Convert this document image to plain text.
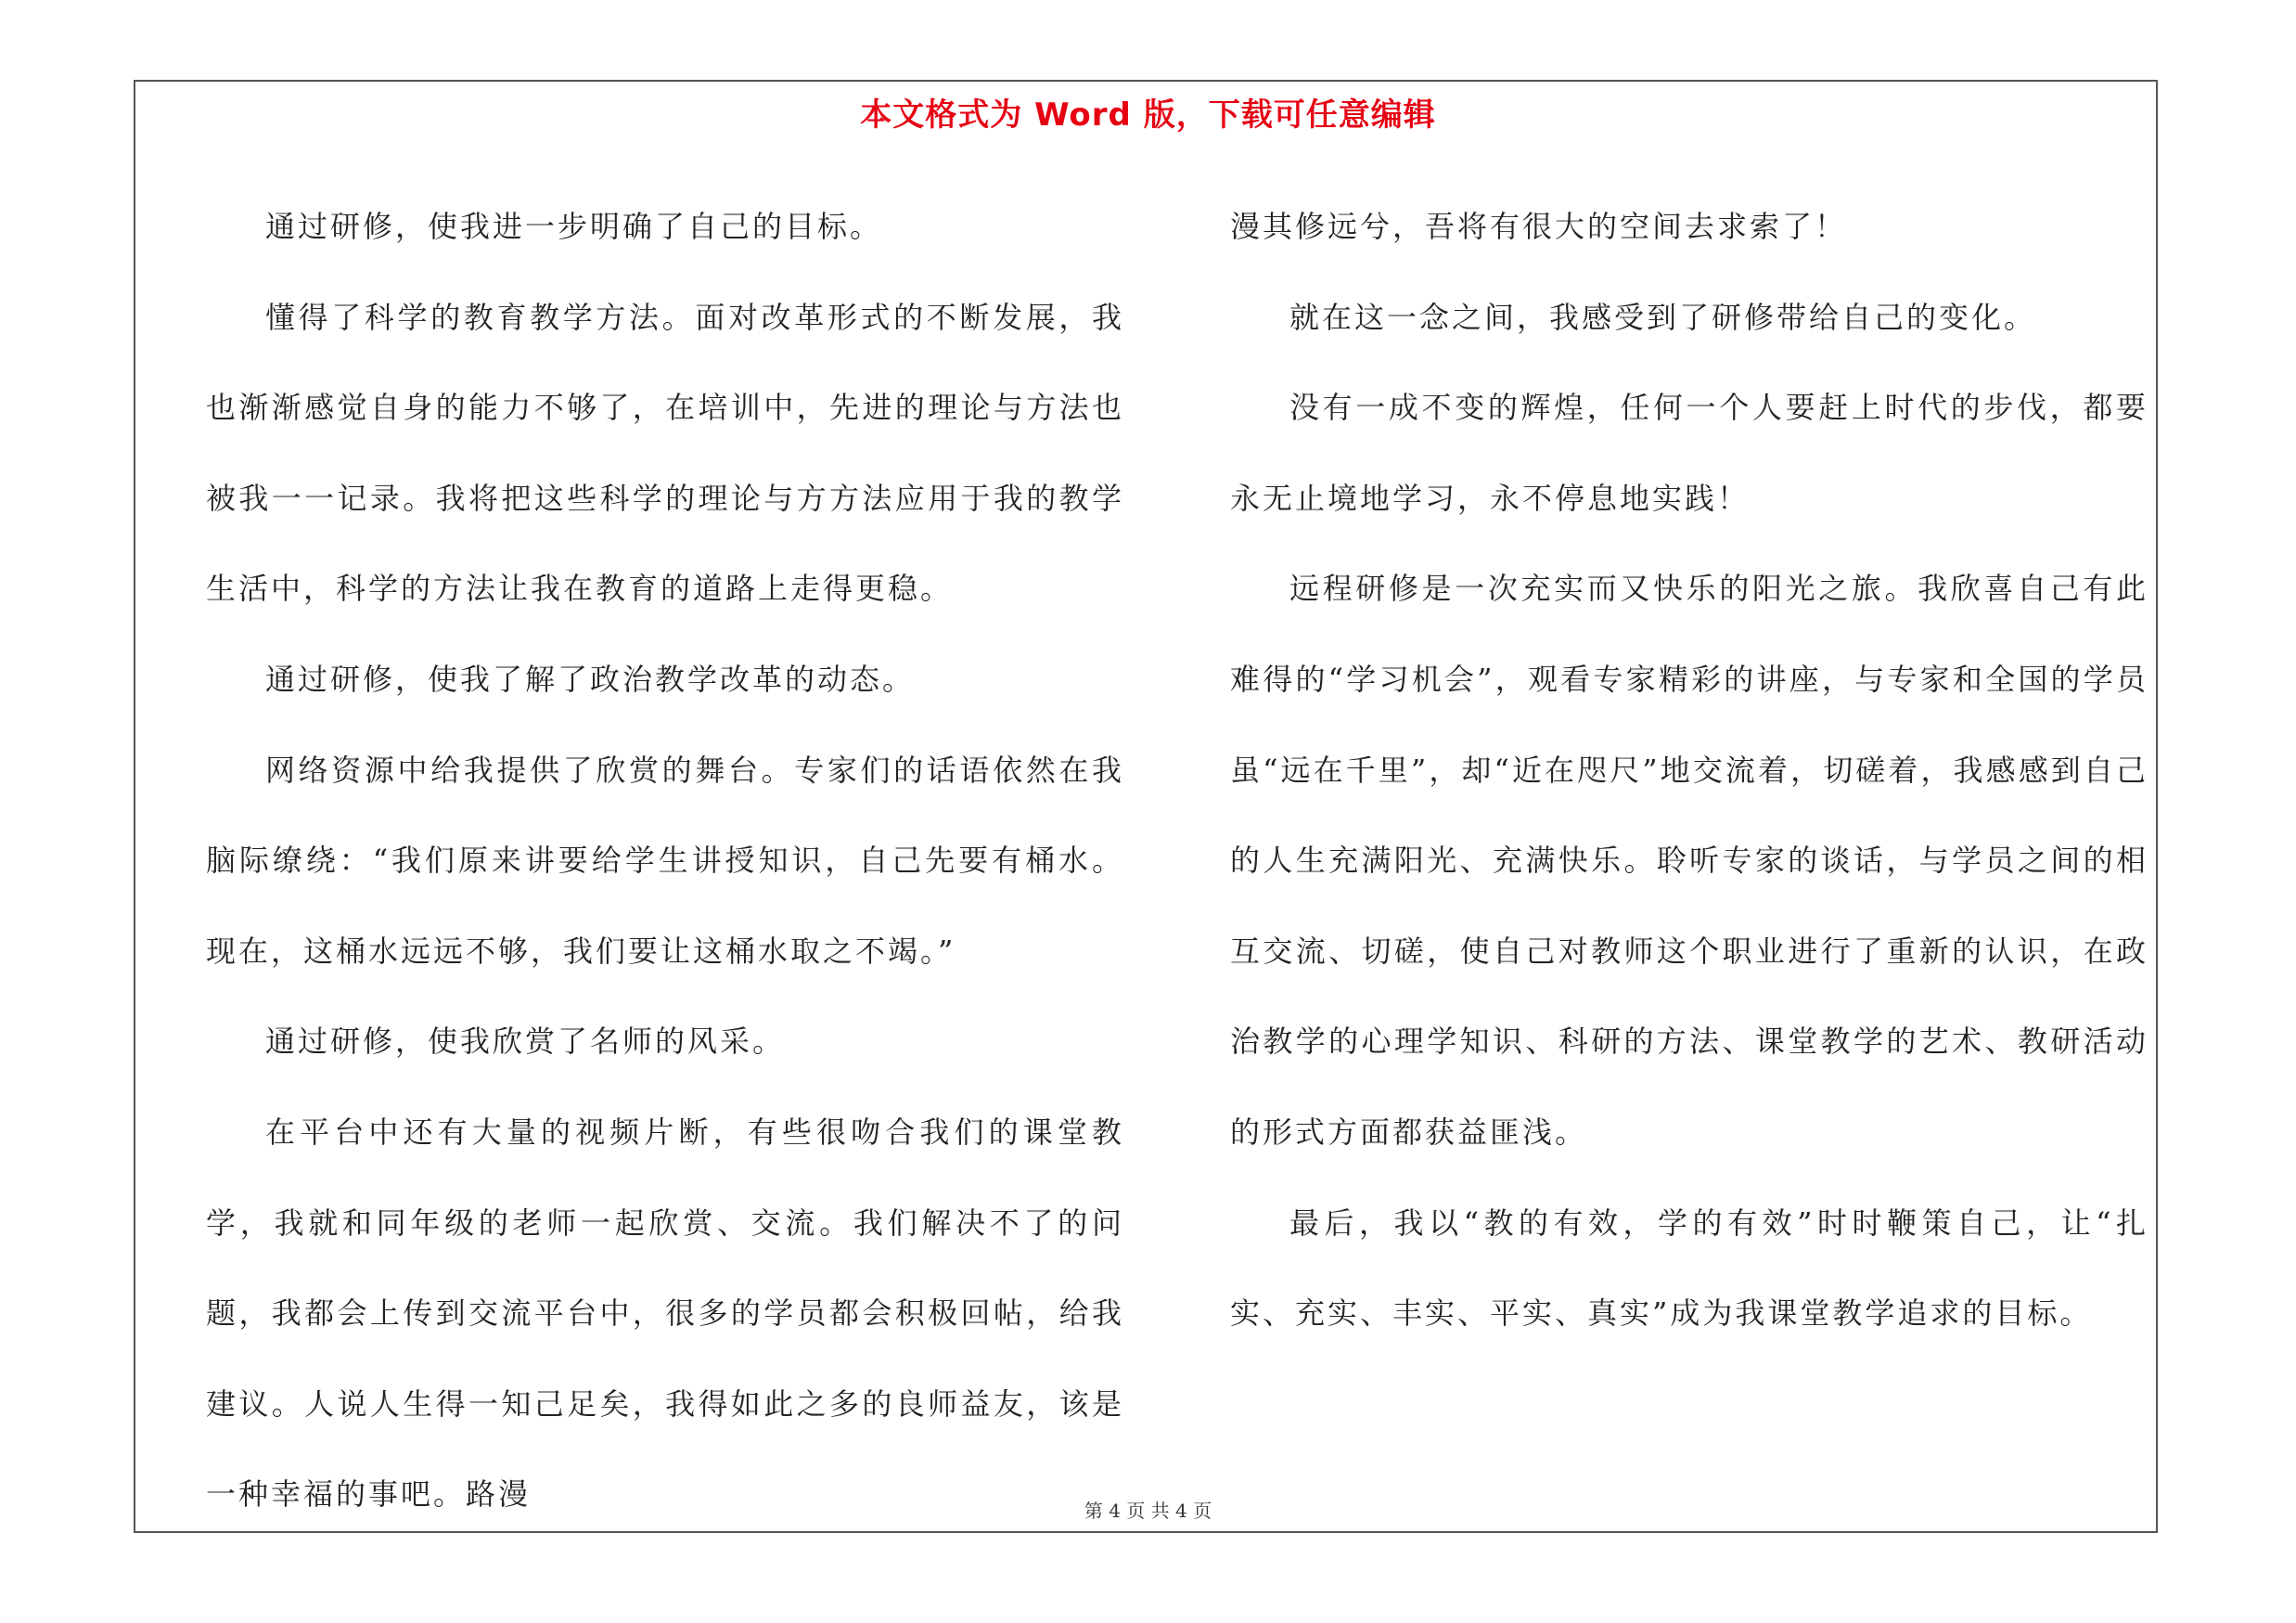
本文格式为 Word 版，下载可任意编辑

通过研修，使我进一步明确了自己的目标。

懂得了科学的教育教学方法。面对改革形式的不断发展，我也渐渐感觉自身的能力不够了，在培训中，先进的理论与方法也被我一一记录。我将把这些科学的理论与方方法应用于我的教学生活中，科学的方法让我在教育的道路上走得更稳。

通过研修，使我了解了政治教学改革的动态。

网络资源中给我提供了欣赏的舞台。专家们的话语依然在我脑际缭绕：“我们原来讲要给学生讲授知识，自己先要有桶水。现在，这桶水远远不够，我们要让这桶水取之不竭。”

通过研修，使我欣赏了名师的风采。

在平台中还有大量的视频片断，有些很吻合我们的课堂教学，我就和同年级的老师一起欣赏、交流。我们解决不了的问题，我都会上传到交流平台中，很多的学员都会积极回帖，给我建议。人说人生得一知己足矣，我得如此之多的良师益友，该是一种幸福的事吧。路漫

漫其修远兮，吾将有很大的空间去求索了！

就在这一念之间，我感受到了研修带给自己的变化。

没有一成不变的辉煌，任何一个人要赶上时代的步伐，都要永无止境地学习，永不停息地实践！

远程研修是一次充实而又快乐的阳光之旅。我欣喜自己有此难得的“学习机会”，观看专家精彩的讲座，与专家和全国的学员虽“远在千里”，却“近在咫尺”地交流着，切磋着，我感感到自己的人生充满阳光、充满快乐。聆听专家的谈话，与学员之间的相互交流、切磋，使自己对教师这个职业进行了重新的认识，在政治教学的心理学知识、科研的方法、课堂教学的艺术、教研活动的形式方面都获益匪浅。

最后，我以“教的有效，学的有效”时时鞭策自己，让“扎实、充实、丰实、平实、真实”成为我课堂教学追求的目标。

第 4 页 共 4 页
